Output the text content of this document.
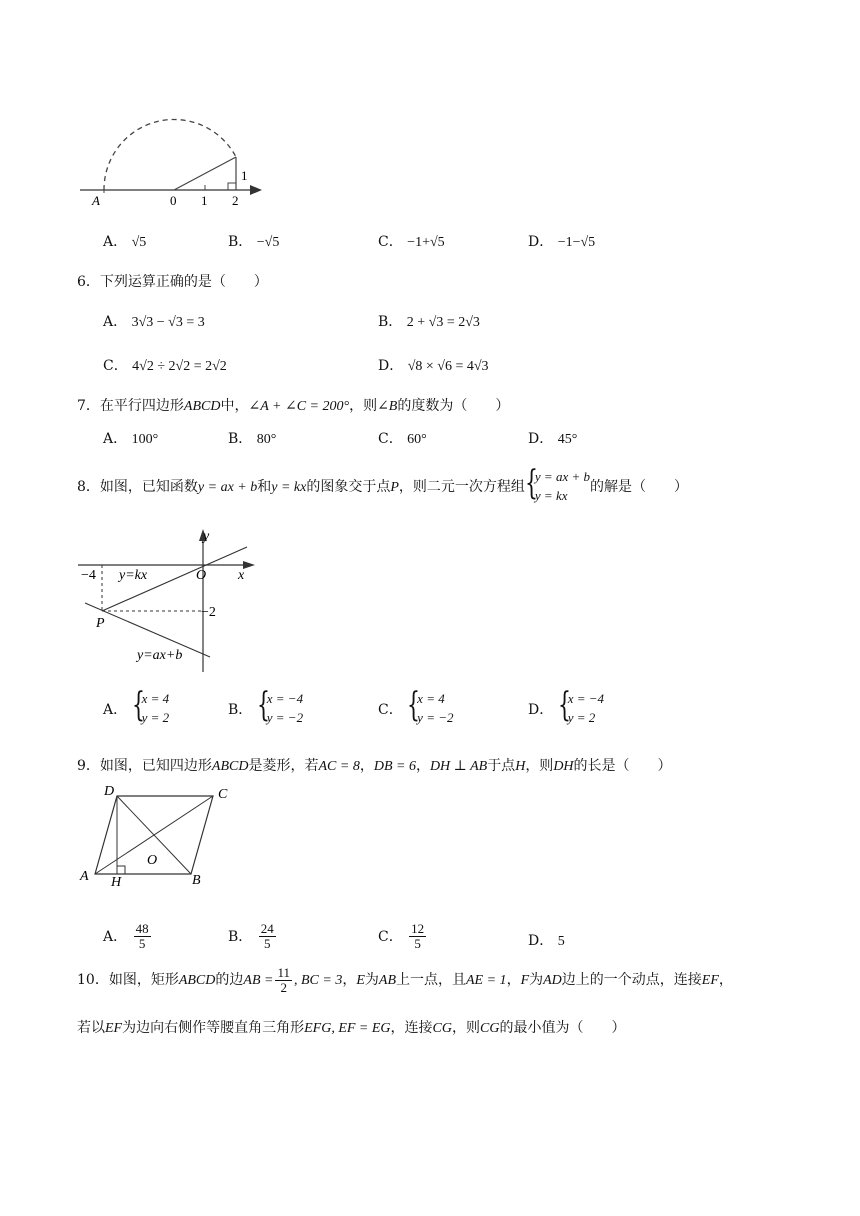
A	0 1 2
1
A． √5	B． −√5	C． −1+√5	D． −1−√5
6．下列运算正确的是（　　）
A． 3√3 − √3 = 3	B． 2 + √3 = 2√3
C． 4√2 ÷ 2√2 = 2√2	D． √8 × √6 = 4√3
7．在平行四边形ABCD中，∠A + ∠C = 200°，则∠B的度数为（　　）
A． 100°	B． 80°	C． 60°	D． 45°
8．如图，已知函数y = ax + b和y = kx的图象交于点P，则二元一次方程组 {
y = ax + b
y = kx
的解是（　　）
y
x
O
−4
−2
P
y=kx
y=ax+b
A． {
x = 4
y = 2	B． {
x = −4
y = −2	C． {
x = 4
y = −2	D． {
x = −4
y = 2
9．如图，已知四边形ABCD是菱形，若AC = 8，DB = 6，DH ⊥ AB于点H，则DH的长是（　　）
D	C
O
A H	B
A． $\frac{48}{5}$	B． $\frac{24}{5}$	C． $\frac{12}{5}$	D． 5
10．如图，矩形ABCD的边AB = $\frac{11}{2}$ , BC = 3，E为AB上一点，且AE = 1，F为AD边上的一个动点，连接EF，
若以EF为边向右侧作等腰直角三角形EFG, EF = EG，连接CG，则CG的最小值为（　　）
